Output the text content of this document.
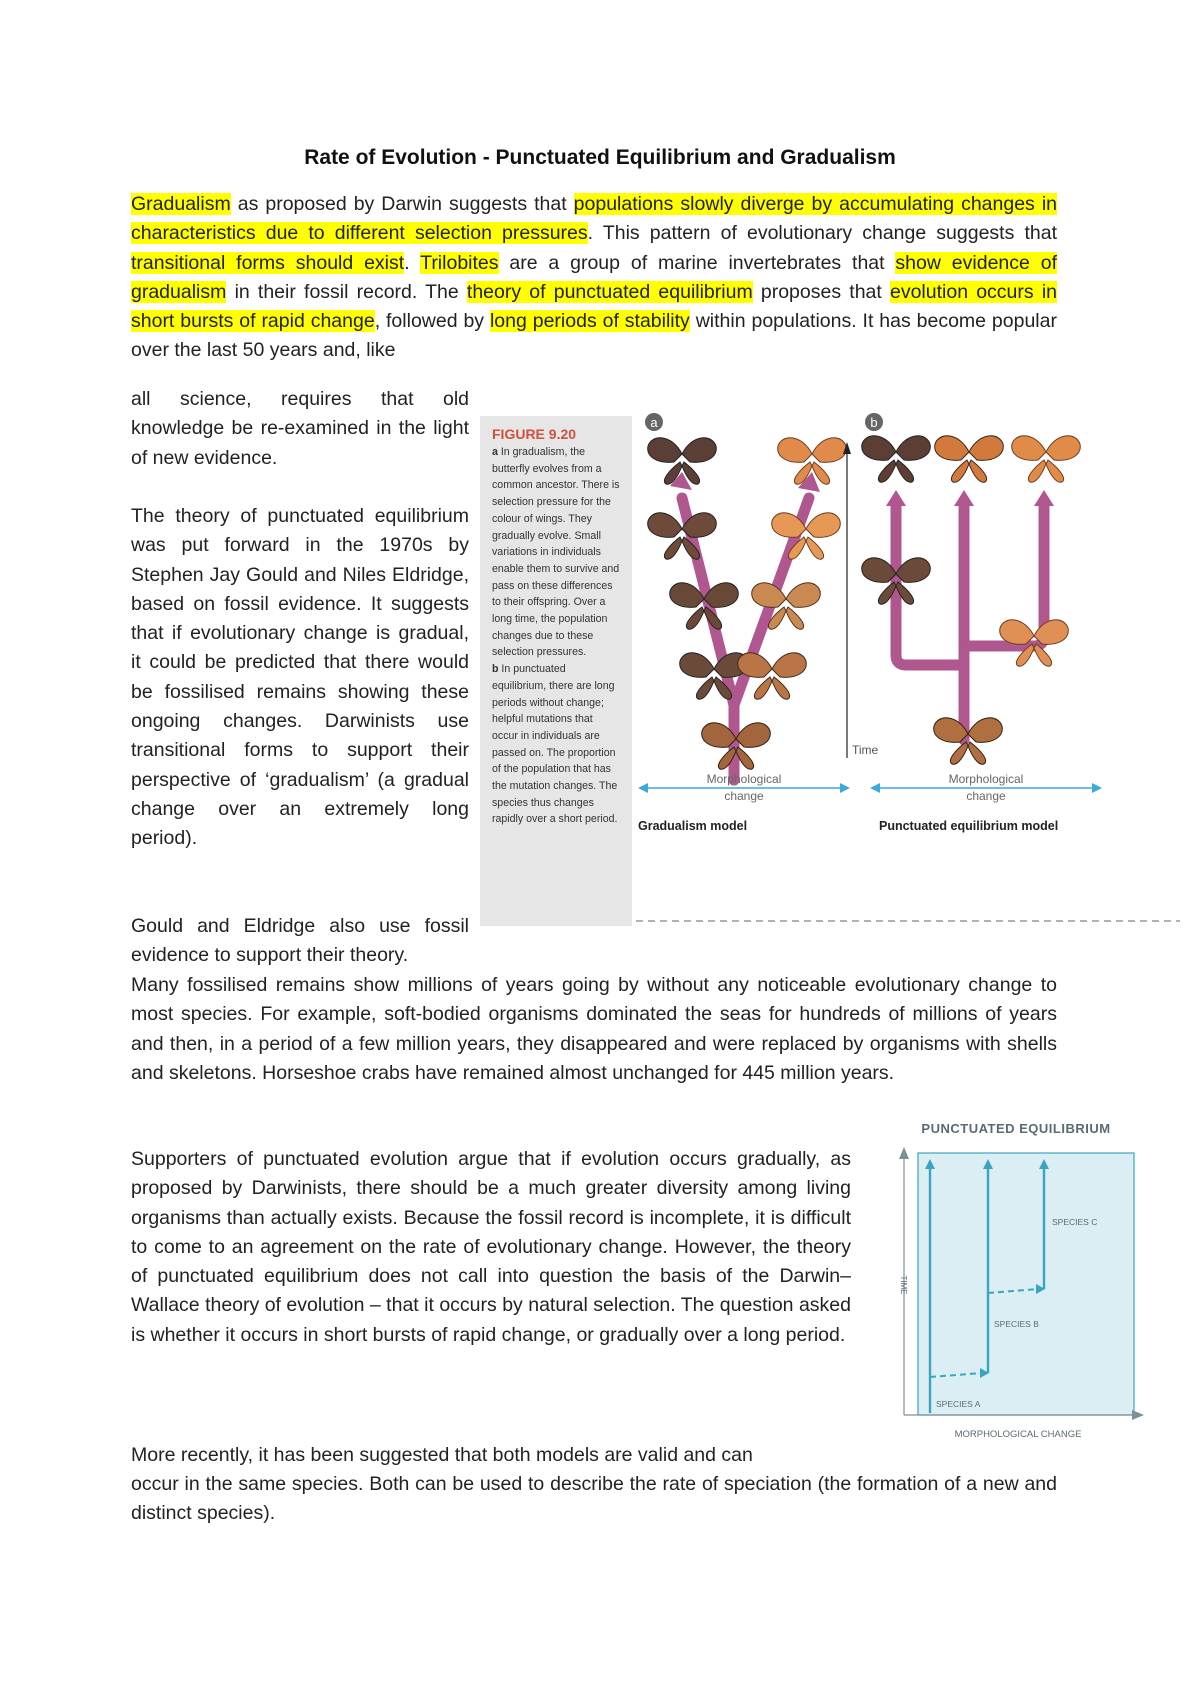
Rate of Evolution - Punctuated Equilibrium and Gradualism
Gradualism as proposed by Darwin suggests that populations slowly diverge by accumulating changes in characteristics due to different selection pressures. This pattern of evolutionary change suggests that transitional forms should exist. Trilobites are a group of marine invertebrates that show evidence of gradualism in their fossil record. The theory of punctuated equilibrium proposes that evolution occurs in short bursts of rapid change, followed by long periods of stability within populations. It has become popular over the last 50 years and, like
all science, requires that old knowledge be re-examined in the light of new evidence.
The theory of punctuated equilibrium was put forward in the 1970s by Stephen Jay Gould and Niles Eldridge, based on fossil evidence. It suggests that if evolutionary change is gradual, it could be predicted that there would be fossilised remains showing these ongoing changes. Darwinists use transitional forms to support their perspective of ‘gradualism’ (a gradual change over an extremely long period).
Gould and Eldridge also use fossil evidence to support their theory.
Many fossilised remains show millions of years going by without any noticeable evolutionary change to most species. For example, soft-bodied organisms dominated the seas for hundreds of millions of years and then, in a period of a few million years, they disappeared and were replaced by organisms with shells and skeletons. Horseshoe crabs have remained almost unchanged for 445 million years.
Supporters of punctuated evolution argue that if evolution occurs gradually, as proposed by Darwinists, there should be a much greater diversity among living organisms than actually exists. Because the fossil record is incomplete, it is difficult to come to an agreement on the rate of evolutionary change. However, the theory of punctuated equilibrium does not call into question the basis of the Darwin–Wallace theory of evolution – that it occurs by natural selection. The question asked is whether it occurs in short bursts of rapid change, or gradually over a long period.
More recently, it has been suggested that both models are valid and can
occur in the same species. Both can be used to describe the rate of speciation (the formation of a new and distinct species).
FIGURE 9.20
a In gradualism, the butterfly evolves from a common ancestor. There is selection pressure for the colour of wings. They gradually evolve. Small variations in individuals enable them to survive and pass on these differences to their offspring. Over a long time, the population changes due to these selection pressures.
b In punctuated equilibrium, there are long periods without change; helpful mutations that occur in individuals are passed on. The proportion of the population that has the mutation changes. The species thus changes rapidly over a short period.
a	b
Time
Morphological
change
Morphological
change
Gradualism model	Punctuated equilibrium model
PUNCTUATED EQUILIBRIUM
TIME
MORPHOLOGICAL CHANGE
SPECIES A
SPECIES B
SPECIES C
